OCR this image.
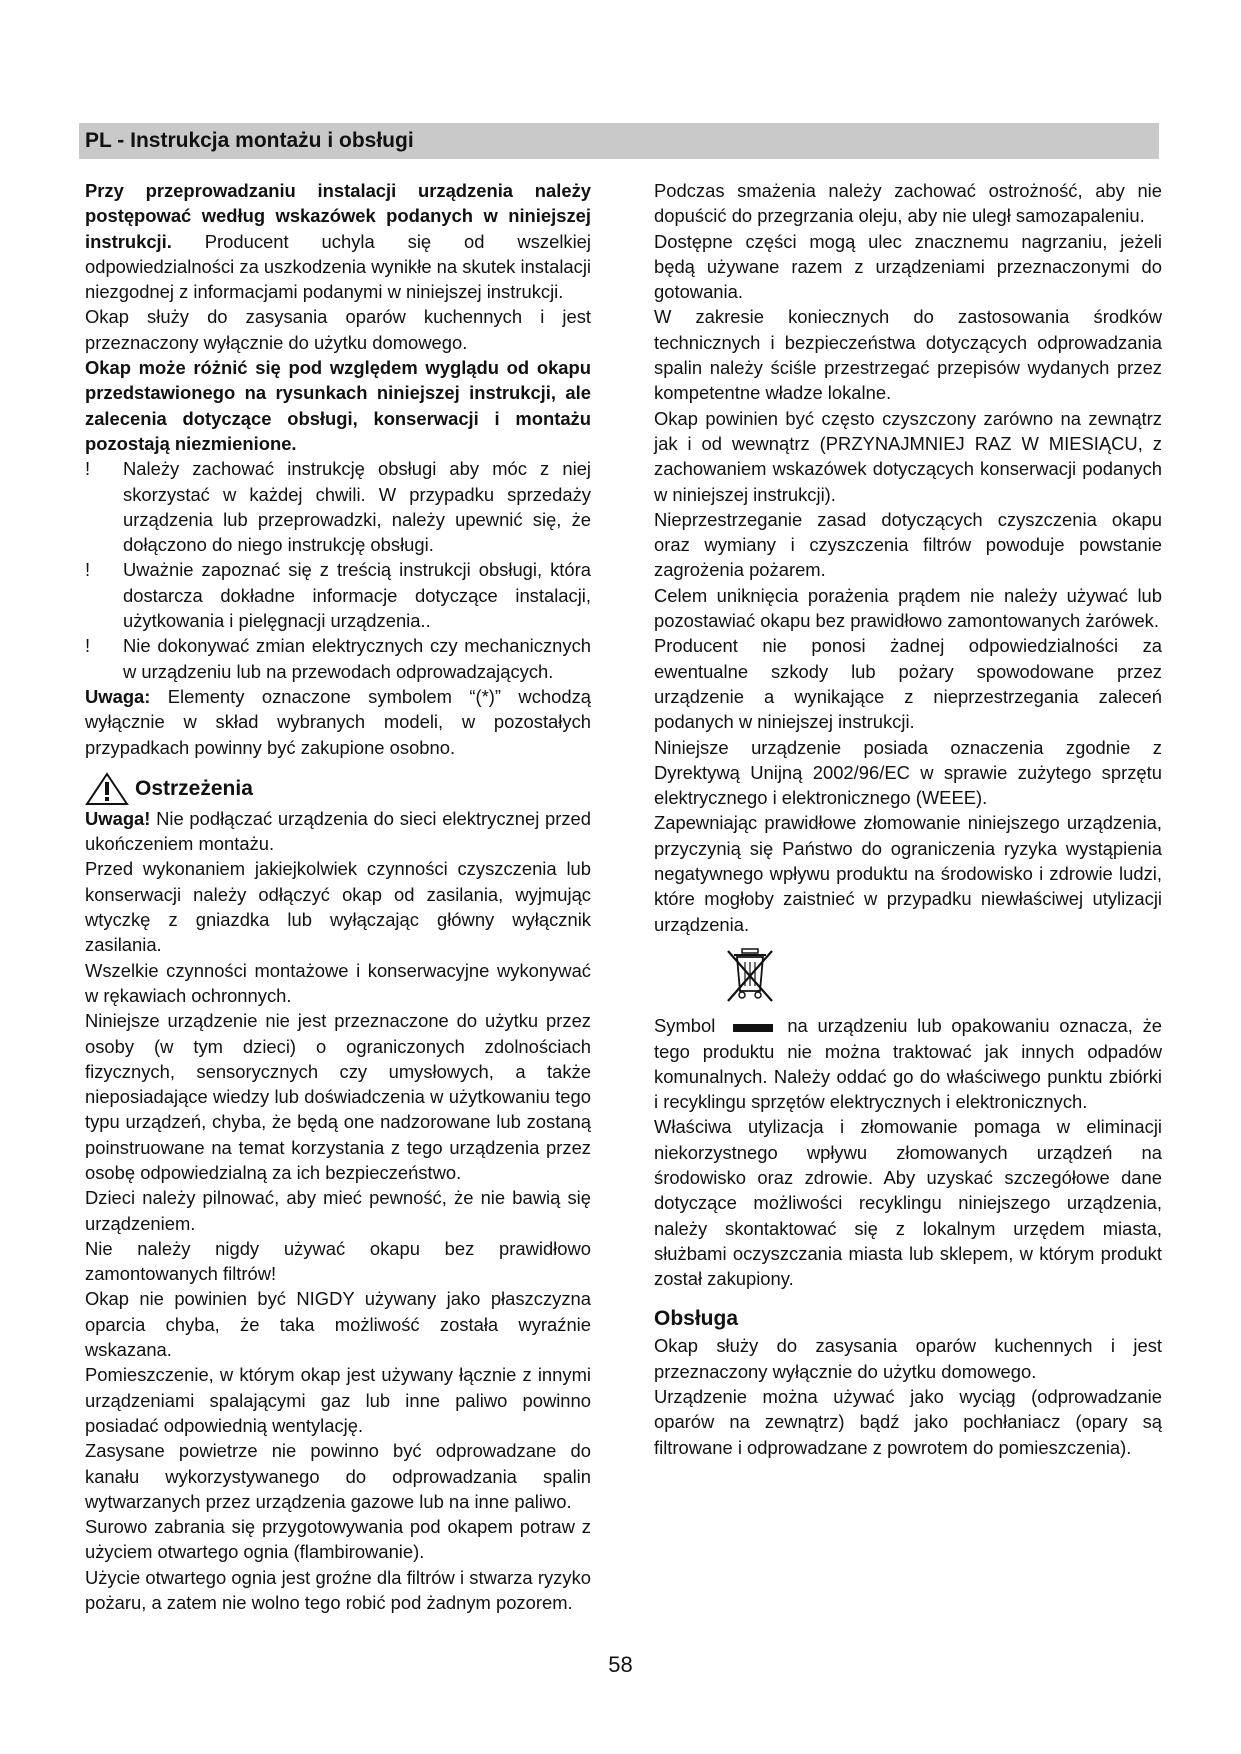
PL - Instrukcja montażu i obsługi

Przy przeprowadzaniu instalacji urządzenia należy postępować według wskazówek podanych w niniejszej instrukcji. Producent uchyla się od wszelkiej odpowiedzialności za uszkodzenia wynikłe na skutek instalacji niezgodnej z informacjami podanymi w niniejszej instrukcji.

Okap służy do zasysania oparów kuchennych i jest przeznaczony wyłącznie do użytku domowego.

Okap może różnić się pod względem wyglądu od okapu przedstawionego na rysunkach niniejszej instrukcji, ale zalecenia dotyczące obsługi, konserwacji i montażu pozostają niezmienione.

!	Należy zachować instrukcję obsługi aby móc z niej skorzystać w każdej chwili. W przypadku sprzedaży urządzenia lub przeprowadzki, należy upewnić się, że dołączono do niego instrukcję obsługi.
!	Uważnie zapoznać się z treścią instrukcji obsługi, która dostarcza dokładne informacje dotyczące instalacji, użytkowania i pielęgnacji urządzenia..
!	Nie dokonywać zmian elektrycznych czy mechanicznych w urządzeniu lub na przewodach odprowadzających.

Uwaga: Elementy oznaczone symbolem “(*)” wchodzą wyłącznie w skład wybranych modeli, w pozostałych przypadkach powinny być zakupione osobno.

Ostrzeżenia

Uwaga! Nie podłączać urządzenia do sieci elektrycznej przed ukończeniem montażu.

Przed wykonaniem jakiejkolwiek czynności czyszczenia lub konserwacji należy odłączyć okap od zasilania, wyjmując wtyczkę z gniazdka lub wyłączając główny wyłącznik zasilania.

Wszelkie czynności montażowe i konserwacyjne wykonywać w rękawiach ochronnych.

Niniejsze urządzenie nie jest przeznaczone do użytku przez osoby (w tym dzieci) o ograniczonych zdolnościach fizycznych, sensorycznych czy umysłowych, a także nieposiadające wiedzy lub doświadczenia w użytkowaniu tego typu urządzeń, chyba, że będą one nadzorowane lub zostaną poinstruowane na temat korzystania z tego urządzenia przez osobę odpowiedzialną za ich bezpieczeństwo.

Dzieci należy pilnować, aby mieć pewność, że nie bawią się urządzeniem.

Nie należy nigdy używać okapu bez prawidłowo zamontowanych filtrów!

Okap nie powinien być NIGDY używany jako płaszczyzna oparcia chyba, że taka możliwość została wyraźnie wskazana.

Pomieszczenie, w którym okap jest używany łącznie z innymi urządzeniami spalającymi gaz lub inne paliwo powinno posiadać odpowiednią wentylację.

Zasysane powietrze nie powinno być odprowadzane do kanału wykorzystywanego do odprowadzania spalin wytwarzanych przez urządzenia gazowe lub na inne paliwo.

Surowo zabrania się przygotowywania pod okapem potraw z użyciem otwartego ognia (flambirowanie).

Użycie otwartego ognia jest groźne dla filtrów i stwarza ryzyko pożaru, a zatem nie wolno tego robić pod żadnym pozorem.

Podczas smażenia należy zachować ostrożność, aby nie dopuścić do przegrzania oleju, aby nie uległ samozapaleniu.

Dostępne części mogą ulec znacznemu nagrzaniu, jeżeli będą używane razem z urządzeniami przeznaczonymi do gotowania.

W zakresie koniecznych do zastosowania środków technicznych i bezpieczeństwa dotyczących odprowadzania spalin należy ściśle przestrzegać przepisów wydanych przez kompetentne władze lokalne.

Okap powinien być często czyszczony zarówno na zewnątrz jak i od wewnątrz (PRZYNAJMNIEJ RAZ W MIESIĄCU, z zachowaniem wskazówek dotyczących konserwacji podanych w niniejszej instrukcji).

Nieprzestrzeganie zasad dotyczących czyszczenia okapu oraz wymiany i czyszczenia filtrów powoduje powstanie zagrożenia pożarem.

Celem uniknięcia porażenia prądem nie należy używać lub pozostawiać okapu bez prawidłowo zamontowanych żarówek.

Producent nie ponosi żadnej odpowiedzialności za ewentualne szkody lub pożary spowodowane przez urządzenie a wynikające z nieprzestrzegania zaleceń podanych w niniejszej instrukcji.

Niniejsze urządzenie posiada oznaczenia zgodnie z Dyrektywą Unijną 2002/96/EC w sprawie zużytego sprzętu elektrycznego i elektronicznego (WEEE).

Zapewniając prawidłowe złomowanie niniejszego urządzenia, przyczynią się Państwo do ograniczenia ryzyka wystąpienia negatywnego wpływu produktu na środowisko i zdrowie ludzi, które mogłoby zaistnieć w przypadku niewłaściwej utylizacji urządzenia.

Symbol	na urządzeniu lub opakowaniu oznacza, że tego produktu nie można traktować jak innych odpadów komunalnych. Należy oddać go do właściwego punktu zbiórki i recyklingu sprzętów elektrycznych i elektronicznych.

Właściwa utylizacja i złomowanie pomaga w eliminacji niekorzystnego wpływu złomowanych urządzeń na środowisko oraz zdrowie. Aby uzyskać szczegółowe dane dotyczące możliwości recyklingu niniejszego urządzenia, należy skontaktować się z lokalnym urzędem miasta, służbami oczyszczania miasta lub sklepem, w którym produkt został zakupiony.

Obsługa

Okap służy do zasysania oparów kuchennych i jest przeznaczony wyłącznie do użytku domowego.

Urządzenie można używać jako wyciąg (odprowadzanie oparów na zewnątrz) bądź jako pochłaniacz (opary są filtrowane i odprowadzane z powrotem do pomieszczenia).

58
